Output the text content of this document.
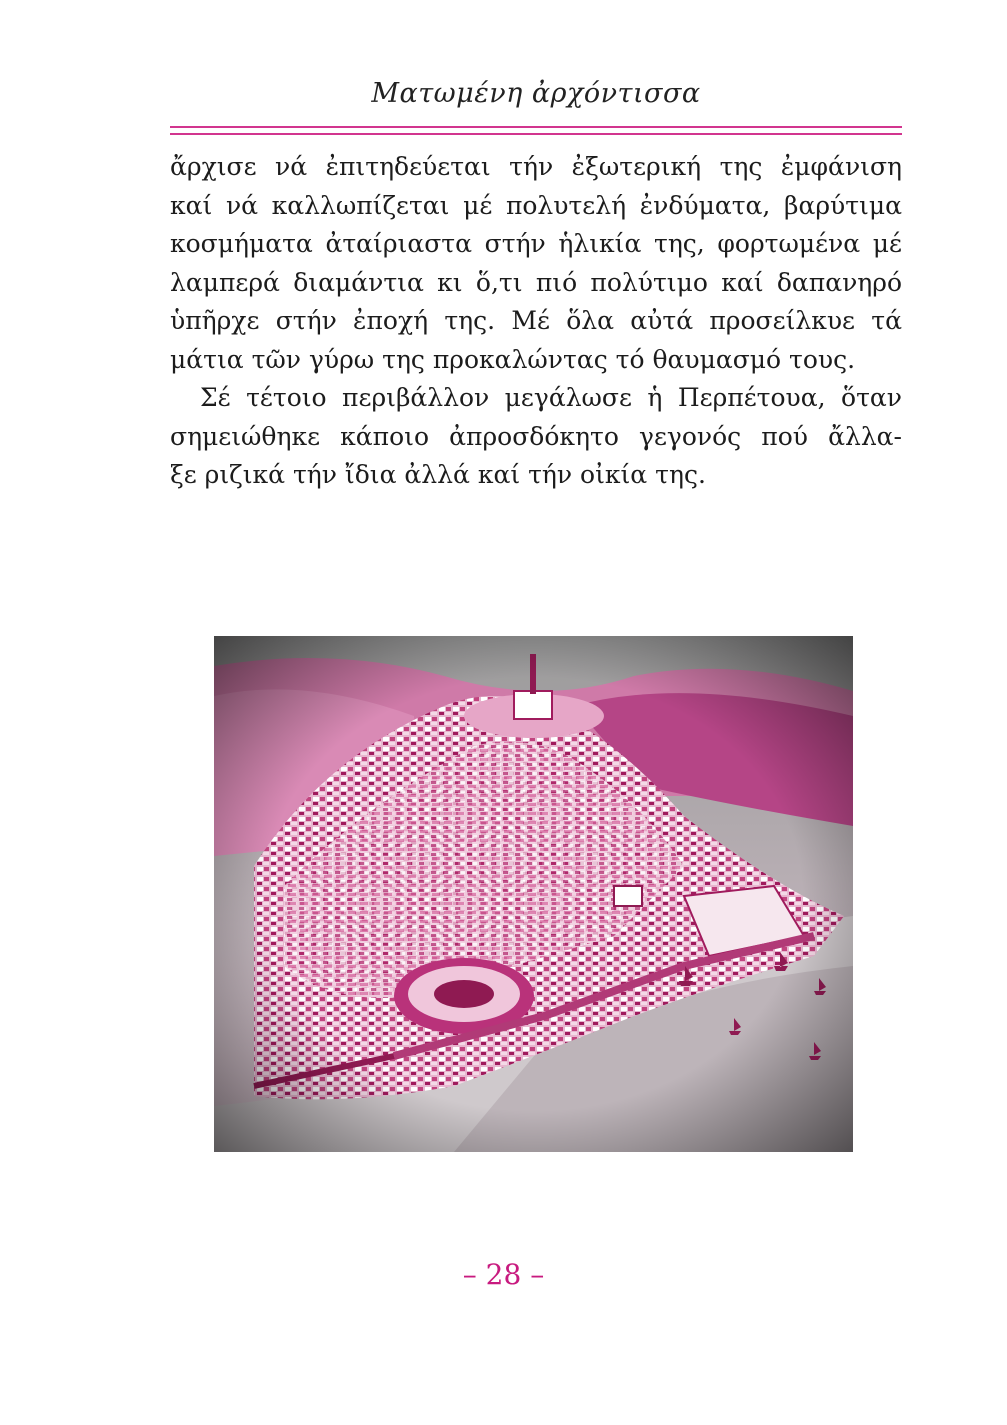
Ματωμένη ἀρχόντισσα
ἄρχισε νά ἐπιτηδεύεται τήν ἐξωτερική της ἐμφάνιση
καί νά καλλωπίζεται μέ πολυτελή ἐνδύματα, βαρύτιμα
κοσμήματα ἀταίριαστα στήν ἡλικία της, φορτωμένα μέ
λαμπερά διαμάντια κι ὅ,τι πιό πολύτιμο καί δαπανηρό
ὑπῆρχε στήν ἐποχή της. Μέ ὅλα αὐτά προσείλκυε τά
μάτια τῶν γύρω της προκαλώντας τό θαυμασμό τους.
Σέ τέτοιο περιβάλλον μεγάλωσε ἡ Περπέτουα, ὅταν
σημειώθηκε κάποιο ἀπροσδόκητο γεγονός πού ἄλλα-
ξε ριζικά τήν ἴδια ἀλλά καί τήν οἰκία της.
– 28 –
